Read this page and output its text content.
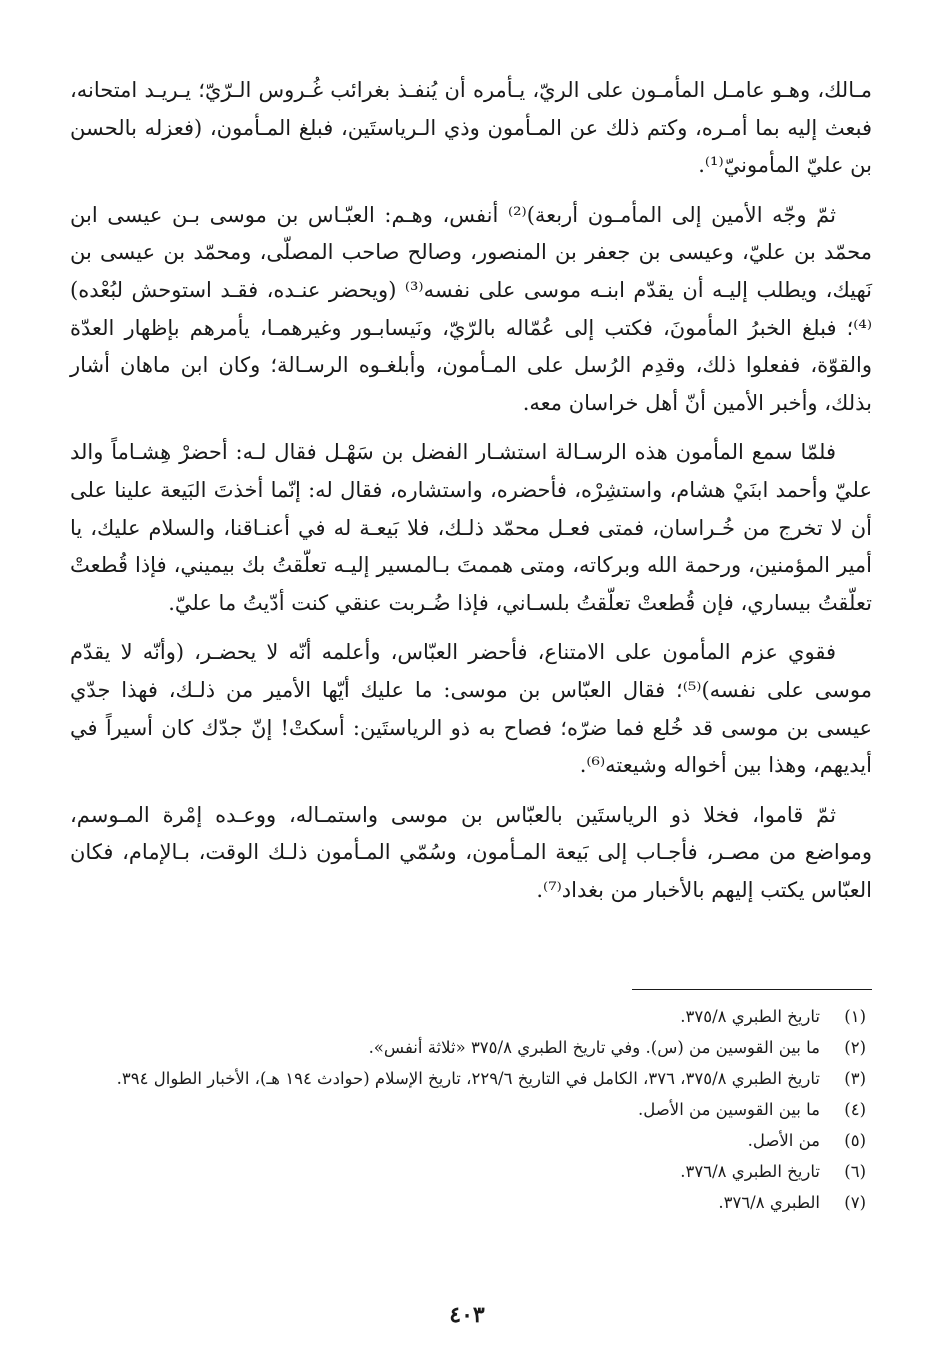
مـالك، وهـو عامـل المأمـون على الريّ، يـأمره أن يُنفـذ بغرائب غُـروس الـرّيّ؛ يـريـد امتحانه، فبعث إليه بما أمـره، وكتم ذلك عن المـأمون وذي الـرياستَين، فبلغ المـأمون، (فعزله بالحسن بن عليّ المأمونيّ⁽¹⁾.

ثمّ وجّه الأمين إلى المأمـون أربعة)⁽²⁾ أنفس، وهـم: العبّـاس بن موسى بـن عيسى ابن محمّد بن عليّ، وعيسى بن جعفر بن المنصور، وصالح صاحب المصلّى، ومحمّد بن عيسى بن نَهيك، ويطلب إليـه أن يقدّم ابنـه موسى على نفسه⁽³⁾ (ويحضر عنـده، فقـد استوحش لبُعْده)⁽⁴⁾؛ فبلغ الخبرُ المأمونَ، فكتب إلى عُمّاله بالرّيّ، ونَيسابـور وغيرهمـا، يأمرهم بإظهار العدّة والقوّة، ففعلوا ذلك، وقدِم الرُسل على المـأمون، وأبلغـوه الرسـالة؛ وكان ابن ماهان أشار بذلك، وأخبر الأمين أنّ أهل خراسان معه.

فلمّا سمع المأمون هذه الرسـالة استشـار الفضل بن سَهْـل فقال لـه: أحضرْ هِشـاماً والد عليّ وأحمد ابنَيْ هشام، واستشِرْه، فأحضره، واستشاره، فقال له: إنّما أخذتَ البَيعة علينا على أن لا تخرج من خُـراسان، فمتى فعـل محمّد ذلـك، فلا بَيعـة له في أعنـاقنا، والسلام عليك، يا أمير المؤمنين، ورحمة الله وبركاته، ومتى هممتَ بـالمسير إليـه تعلّقتُ بك بيميني، فإذا قُطعتْ تعلّقتُ بيساري، فإن قُطعتْ تعلّقتُ بلسـاني، فإذا ضُـربت عنقي كنت أدّيتُ ما عليّ.

فقوي عزم المأمون على الامتناع، فأحضر العبّاس، وأعلمه أنّه لا يحضـر، (وأنّه لا يقدّم موسى على نفسه)⁽⁵⁾؛ فقال العبّاس بن موسى: ما عليك أيّها الأمير من ذلـك، فهذا جدّي عيسى بن موسى قد خُلع فما ضرّه؛ فصاح به ذو الرياستَين: أسكتْ! إنّ جدّك كان أسيراً في أيديهم، وهذا بين أخواله وشيعته⁽⁶⁾.

ثمّ قاموا، فخلا ذو الرياستَين بالعبّاس بن موسى واستمـاله، ووعـده إمْرة المـوسم، ومواضع من مصـر، فأجـاب إلى بَيعة المـأمون، وسُمّي المـأمون ذلـك الوقت، بـالإمام، فكان العبّاس يكتب إليهم بالأخبار من بغداد⁽⁷⁾.

(١)
تاريخ الطبري ٣٧٥/٨.
(٢)
ما بين القوسين من (س). وفي تاريخ الطبري ٣٧٥/٨ «ثلاثة أنفس».
(٣)
تاريخ الطبري ٣٧٥/٨، ٣٧٦، الكامل في التاريخ ٢٢٩/٦، تاريخ الإسلام (حوادث ١٩٤ هـ)، الأخبار الطوال ٣٩٤.
(٤)
ما بين القوسين من الأصل.
(٥)
من الأصل.
(٦)
تاريخ الطبري ٣٧٦/٨.
(٧)
الطبري ٣٧٦/٨.
٤٠٣
